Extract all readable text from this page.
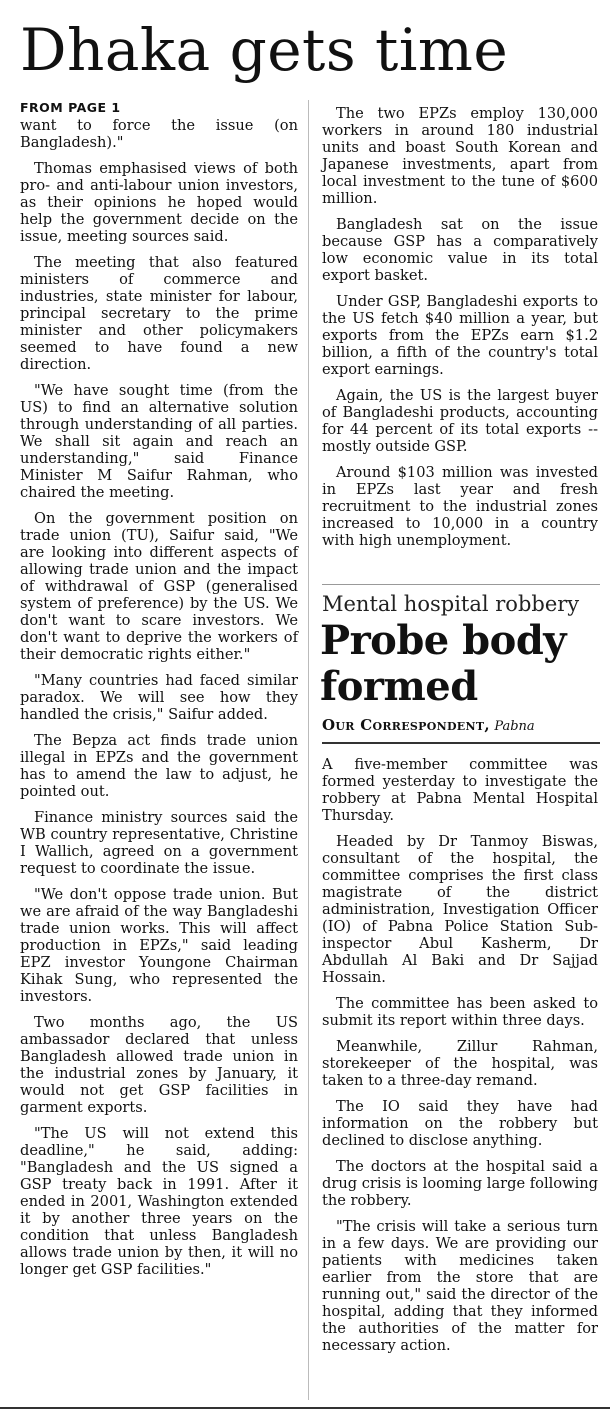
Dhaka gets time
FROM PAGE 1

want to force the issue (on Bangladesh)."

Thomas emphasised views of both pro- and anti-labour union investors, as their opinions he hoped would help the government decide on the issue, meeting sources said.

The meeting that also featured ministers of commerce and industries, state minister for labour, principal secretary to the prime minister and other policymakers seemed to have found a new direction.

"We have sought time (from the US) to find an alternative solution through understanding of all parties. We shall sit again and reach an understanding," said Finance Minister M Saifur Rahman, who chaired the meeting.

On the government position on trade union (TU), Saifur said, "We are looking into different aspects of allowing trade union and the impact of withdrawal of GSP (generalised system of preference) by the US. We don't want to scare investors. We don't want to deprive the workers of their democratic rights either."

"Many countries had faced similar paradox. We will see how they handled the crisis," Saifur added.

The Bepza act finds trade union illegal in EPZs and the government has to amend the law to adjust, he pointed out.

Finance ministry sources said the WB country representative, Christine I Wallich, agreed on a government request to coordinate the issue.

"We don't oppose trade union. But we are afraid of the way Bangladeshi trade union works. This will affect production in EPZs," said leading EPZ investor Youngone Chairman Kihak Sung, who represented the investors.

Two months ago, the US ambassador declared that unless Bangladesh allowed trade union in the industrial zones by January, it would not get GSP facilities in garment exports.

"The US will not extend this deadline," he said, adding: "Bangladesh and the US signed a GSP treaty back in 1991. After it ended in 2001, Washington extended it by another three years on the condition that unless Bangladesh allows trade union by then, it will no longer get GSP facilities."

The two EPZs employ 130,000 workers in around 180 industrial units and boast South Korean and Japanese investments, apart from local investment to the tune of $600 million.

Bangladesh sat on the issue because GSP has a comparatively low economic value in its total export basket.

Under GSP, Bangladeshi exports to the US fetch $40 million a year, but exports from the EPZs earn $1.2 billion, a fifth of the country's total export earnings.

Again, the US is the largest buyer of Bangladeshi products, accounting for 44 percent of its total exports -- mostly outside GSP.

Around $103 million was invested in EPZs last year and fresh recruitment to the industrial zones increased to 10,000 in a country with high unemployment.

Mental hospital robbery

Probe body formed

Our Correspondent, Pabna

A five-member committee was formed yesterday to investigate the robbery at Pabna Mental Hospital Thursday.

Headed by Dr Tanmoy Biswas, consultant of the hospital, the committee comprises the first class magistrate of the district administration, Investigation Officer (IO) of Pabna Police Station Sub-inspector Abul Kasherm, Dr Abdullah Al Baki and Dr Sajjad Hossain.

The committee has been asked to submit its report within three days.

Meanwhile, Zillur Rahman, storekeeper of the hospital, was taken to a three-day remand.

The IO said they have had information on the robbery but declined to disclose anything.

The doctors at the hospital said a drug crisis is looming large following the robbery.

"The crisis will take a serious turn in a few days. We are providing our patients with medicines taken earlier from the store that are running out," said the director of the hospital, adding that they informed the authorities of the matter for necessary action.
